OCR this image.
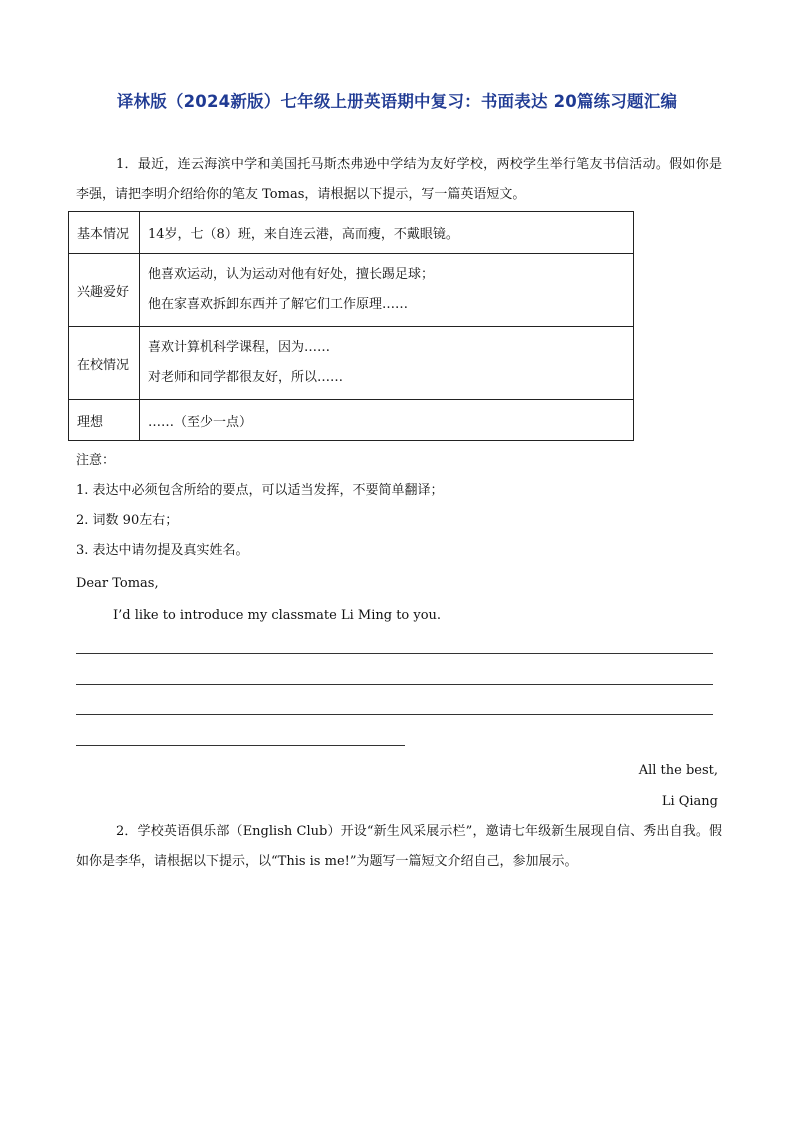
译林版（2024新版）七年级上册英语期中复习：书面表达 20篇练习题汇编
1．最近，连云海滨中学和美国托马斯杰弗逊中学结为友好学校，两校学生举行笔友书信活动。假如你是李强，请把李明介绍给你的笔友 Tomas，请根据以下提示，写一篇英语短文。
基本情况	14岁，七（8）班，来自连云港，高而瘦，不戴眼镜。
兴趣爱好	他喜欢运动，认为运动对他有好处，擅长踢足球；
他在家喜欢拆卸东西并了解它们工作原理……

在校情况	喜欢计算机科学课程，因为……
对老师和同学都很友好，所以……

理想	……（至少一点）
注意：
1. 表达中必须包含所给的要点，可以适当发挥，不要简单翻译；
2. 词数 90左右；
3. 表达中请勿提及真实姓名。
Dear Tomas,
I’d like to introduce my classmate Li Ming to you.
All the best,
Li Qiang
2．学校英语俱乐部（English Club）开设“新生风采展示栏”，邀请七年级新生展现自信、秀出自我。假如你是李华，请根据以下提示，以“This is me!”为题写一篇短文介绍自己，参加展示。
